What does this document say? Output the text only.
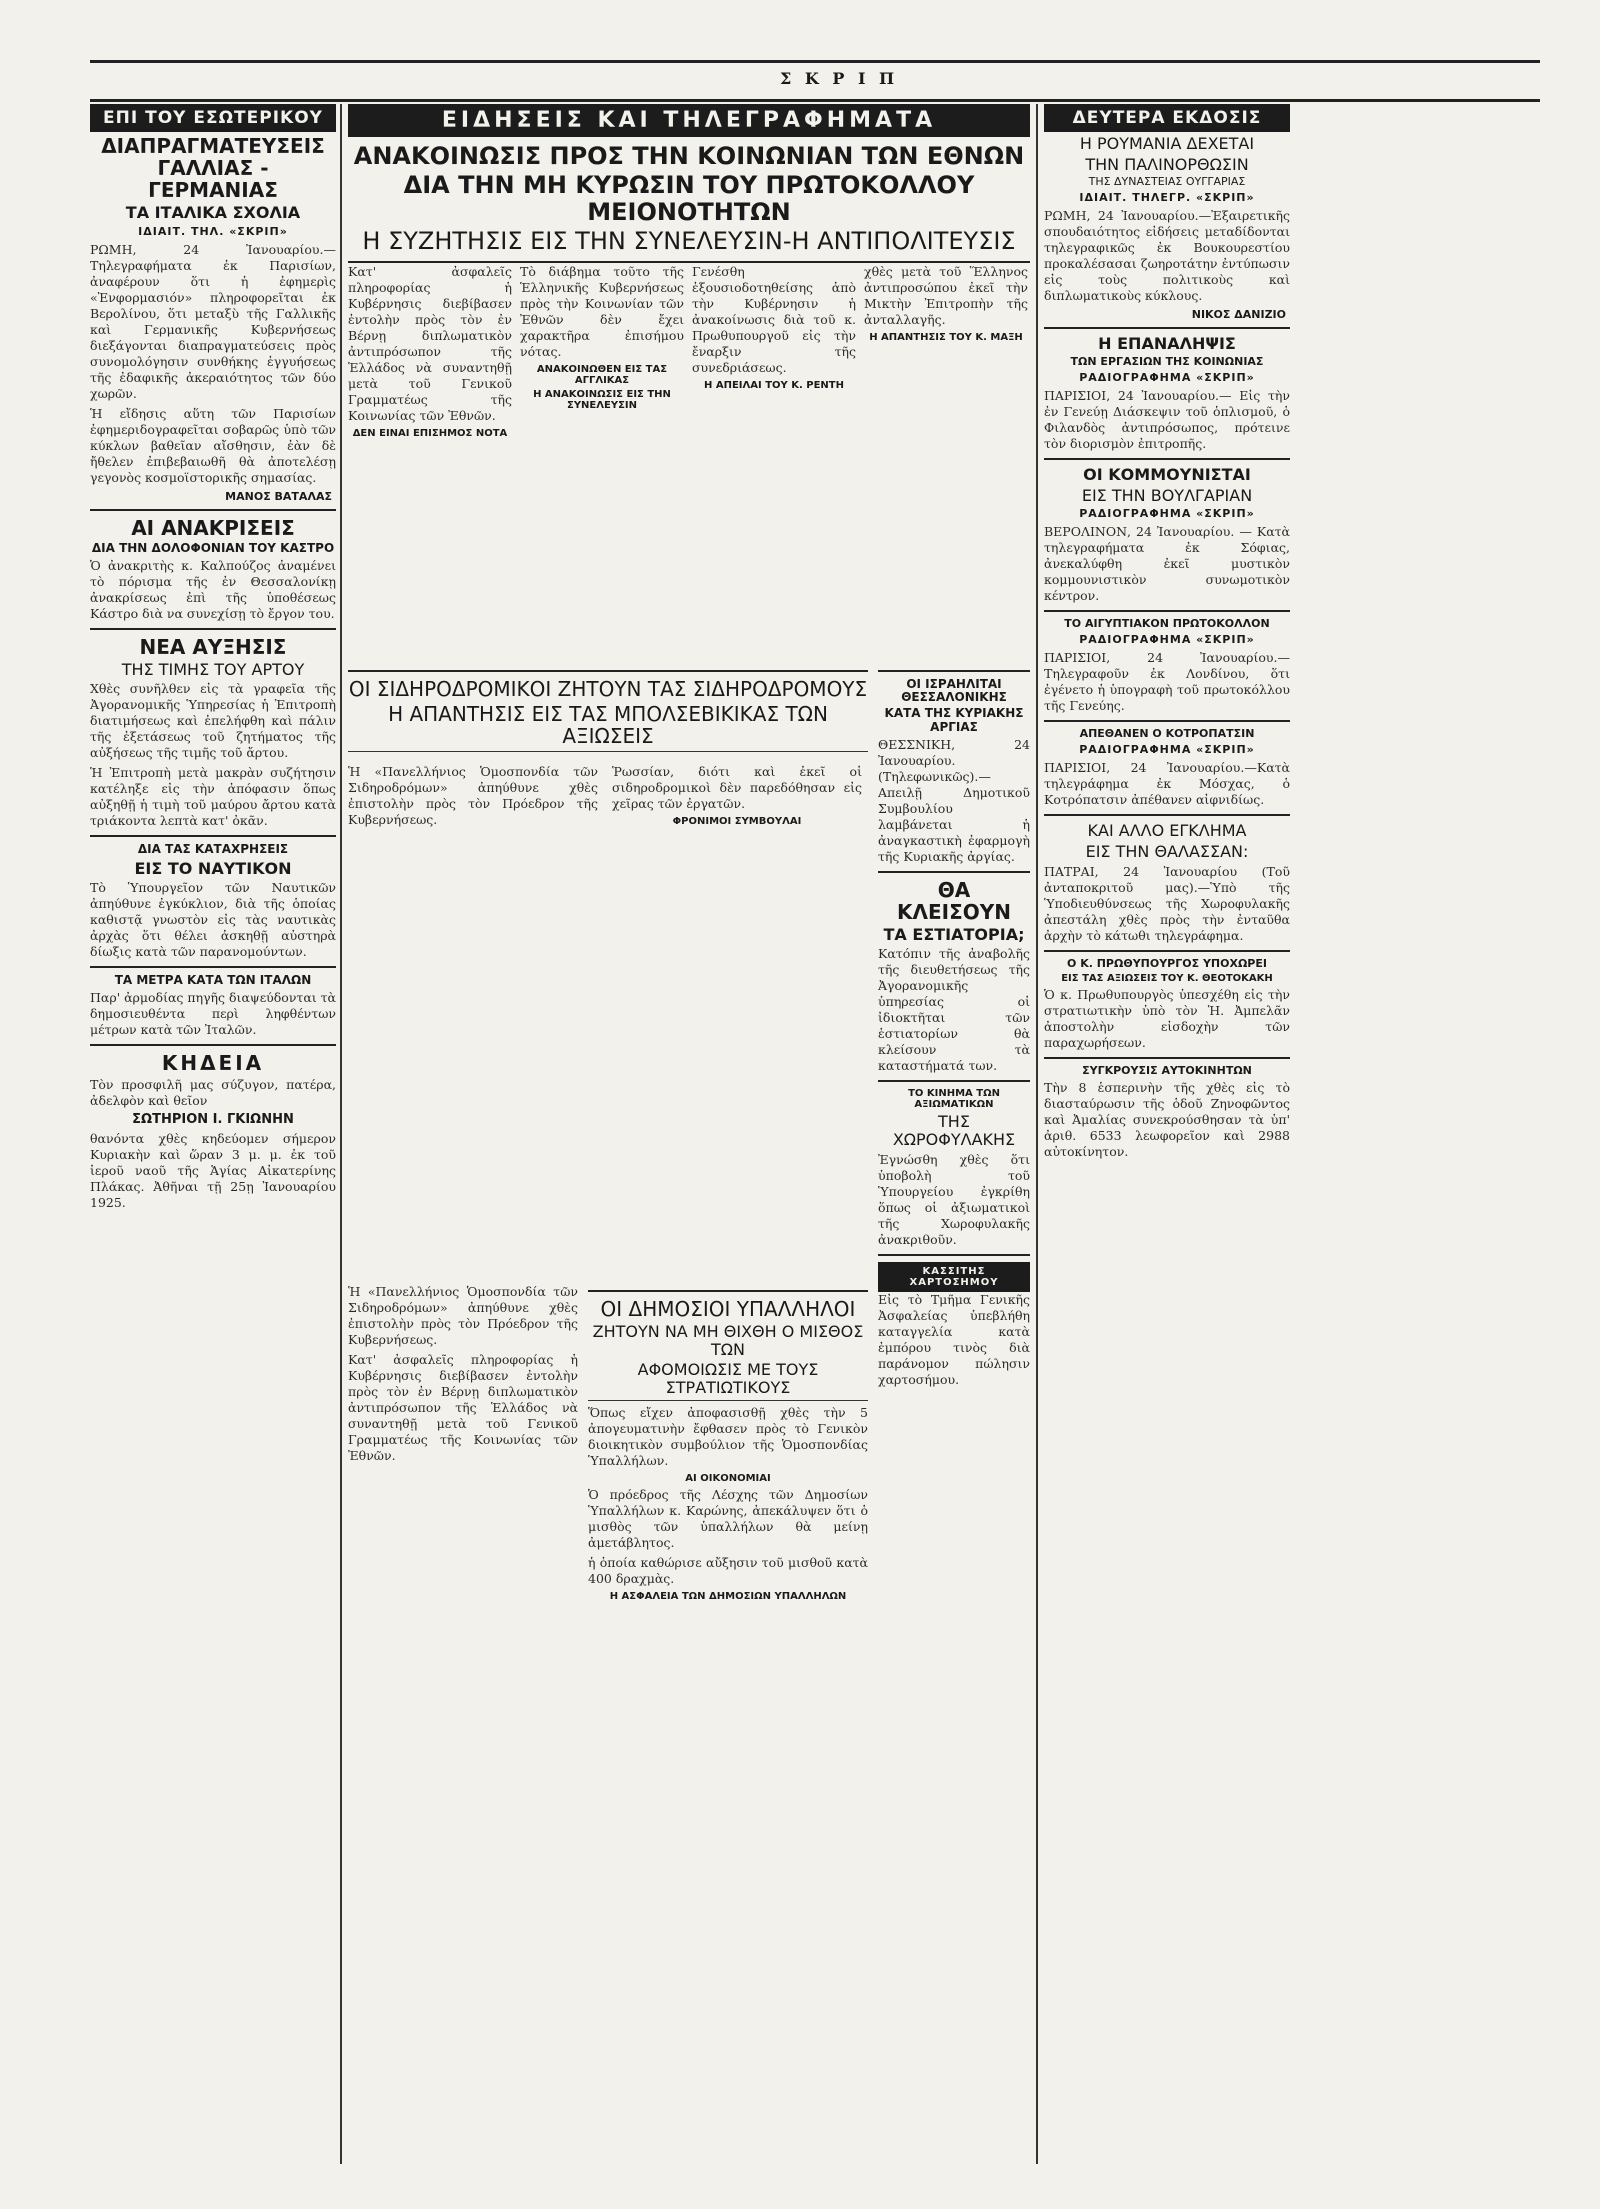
Σ Κ Ρ Ι Π
ΕΠΙ ΤΟΥ ΕΣΩΤΕΡΙΚΟΥ
ΔΙΑΠΡΑΓΜΑΤΕΥΣΕΙΣ ΓΑΛΛΙΑΣ - ΓΕΡΜΑΝΙΑΣ
ΤΑ ΙΤΑΛΙΚΑ ΣΧΟΛΙΑ
ΙΔΙΑΙΤ. ΤΗΛ. «ΣΚΡΙΠ»

ΡΩΜΗ, 24 Ἰανουαρίου.—Τηλεγραφήματα ἐκ Παρισίων, ἀναφέρουν ὅτι ἡ ἐφημερὶς «Ἐνφορμασιόν» πληροφορεῖται ἐκ Βερολίνου, ὅτι μεταξὺ τῆς Γαλλικῆς καὶ Γερμανικῆς Κυβερνήσεως διεξάγονται διαπραγματεύσεις πρὸς συνομολόγησιν συνθήκης ἐγγυήσεως τῆς ἐδαφικῆς ἀκεραιότητος τῶν δύο χωρῶν.

Ἡ εἴδησις αὕτη τῶν Παρισίων ἐφημεριδογραφεῖται σοβαρῶς ὑπὸ τῶν κύκλων βαθεῖαν αἴσθησιν, ἐὰν δὲ ἤθελεν ἐπιβεβαιωθῆ θὰ ἀποτελέσῃ γεγονὸς κοσμοϊστορικῆς σημασίας.

ΜΑΝΟΣ ΒΑΤΑΛΑΣ
ΑΙ ΑΝΑΚΡΙΣΕΙΣ
ΔΙΑ ΤΗΝ ΔΟΛΟΦΟΝΙΑΝ ΤΟΥ ΚΑΣΤΡΟ

Ὁ ἀνακριτὴς κ. Καλπούζος ἀναμένει τὸ πόρισμα τῆς ἐν Θεσσαλονίκῃ ἀνακρίσεως ἐπὶ τῆς ὑποθέσεως Κάστρο διὰ να συνεχίσῃ τὸ ἔργον του.

ΝΕΑ ΑΥΞΗΣΙΣ
ΤΗΣ ΤΙΜΗΣ ΤΟΥ ΑΡΤΟΥ

Χθὲς συνῆλθεν εἰς τὰ γραφεῖα τῆς Ἀγορανομικῆς Ὑπηρεσίας ἡ Ἐπιτροπὴ διατιμήσεως καὶ ἐπελήφθη καὶ πάλιν τῆς ἐξετάσεως τοῦ ζητήματος τῆς αὐξήσεως τῆς τιμῆς τοῦ ἄρτου.

Ἡ Ἐπιτροπὴ μετὰ μακρὰν συζήτησιν κατέληξε εἰς τὴν ἀπόφασιν ὅπως αὐξηθῇ ἡ τιμὴ τοῦ μαύρου ἄρτου κατὰ τριάκοντα λεπτὰ κατ' ὀκᾶν.

ΔΙΑ ΤΑΣ ΚΑΤΑΧΡΗΣΕΙΣ
ΕΙΣ ΤΟ ΝΑΥΤΙΚΟΝ

Τὸ Ὑπουργεῖον τῶν Ναυτικῶν ἀπηύθυνε ἐγκύκλιον, διὰ τῆς ὁποίας καθιστᾷ γνωστὸν εἰς τὰς ναυτικὰς ἀρχὰς ὅτι θέλει ἀσκηθῇ αὐστηρὰ δίωξις κατὰ τῶν παρανομούντων.

ΤΑ ΜΕΤΡΑ ΚΑΤΑ ΤΩΝ ΙΤΑΛΩΝ

Παρ' ἀρμοδίας πηγῆς διαψεύδονται τὰ δημοσιευθέντα περὶ ληφθέντων μέτρων κατὰ τῶν Ἰταλῶν.

ΚΗΔΕΙΑ

Τὸν προσφιλῆ μας σύζυγον, πατέρα, ἀδελφὸν καὶ θεῖον

ΣΩΤΗΡΙΟΝ Ι. ΓΚΙΩΝΗΝ

θανόντα χθὲς κηδεύομεν σήμερον Κυριακὴν καὶ ὥραν 3 μ. μ. ἐκ τοῦ ἱεροῦ ναοῦ τῆς Ἁγίας Αἰκατερίνης Πλάκας. Ἀθῆναι τῇ 25ῃ Ἰανουαρίου 1925.

ΕΙΔΗΣΕΙΣ ΚΑΙ ΤΗΛΕΓΡΑΦΗΜΑΤΑ
ΑΝΑΚΟΙΝΩΣΙΣ ΠΡΟΣ ΤΗΝ ΚΟΙΝΩΝΙΑΝ ΤΩΝ ΕΘΝΩΝ
ΔΙΑ ΤΗΝ ΜΗ ΚΥΡΩΣΙΝ ΤΟΥ ΠΡΩΤΟΚΟΛΛΟΥ ΜΕΙΟΝΟΤΗΤΩΝ
Η ΣΥΖΗΤΗΣΙΣ ΕΙΣ ΤΗΝ ΣΥΝΕΛΕΥΣΙΝ-Η ΑΝΤΙΠΟΛΙΤΕΥΣΙΣ

Κατ' ἀσφαλεῖς πληροφορίας ἡ Κυβέρνησις διεβίβασεν ἐντολὴν πρὸς τὸν ἐν Βέρνῃ διπλωματικὸν ἀντιπρόσωπον τῆς Ἑλλάδος νὰ συναντηθῇ μετὰ τοῦ Γενικοῦ Γραμματέως τῆς Κοινωνίας τῶν Ἐθνῶν.

ΔΕΝ ΕΙΝΑΙ ΕΠΙΣΗΜΟΣ ΝΟΤΑ

Τὸ διάβημα τοῦτο τῆς Ἑλληνικῆς Κυβερνήσεως πρὸς τὴν Κοινωνίαν τῶν Ἐθνῶν δὲν ἔχει χαρακτῆρα ἐπισήμου νότας.

ΑΝΑΚΟΙΝΩΘΕΝ ΕΙΣ ΤΑΣ ΑΓΓΛΙΚΑΣ
Η ΑΝΑΚΟΙΝΩΣΙΣ ΕΙΣ ΤΗΝ ΣΥΝΕΛΕΥΣΙΝ

Γενέσθη ἐξουσιοδοτηθείσης ἀπὸ τὴν Κυβέρνησιν ἡ ἀνακοίνωσις διὰ τοῦ κ. Πρωθυπουργοῦ εἰς τὴν ἔναρξιν τῆς συνεδριάσεως.

Η ΑΠΕΙΛΑΙ ΤΟΥ Κ. ΡΕΝΤΗ

χθὲς μετὰ τοῦ Ἕλληνος ἀντιπροσώπου ἐκεῖ τὴν Μικτὴν Ἐπιτροπὴν τῆς ἀνταλλαγῆς.

Η ΑΠΑΝΤΗΣΙΣ ΤΟΥ Κ. ΜΑΞΗ
ΟΙ ΣΙΔΗΡΟΔΡΟΜΙΚΟΙ ΖΗΤΟΥΝ ΤΑΣ ΣΙΔΗΡΟΔΡΟΜΟΥΣ
Η ΑΠΑΝΤΗΣΙΣ ΕΙΣ ΤΑΣ ΜΠΟΛΣΕΒΙΚΙΚΑΣ ΤΩΝ ΑΞΙΩΣΕΙΣ

Ἡ «Πανελλήνιος Ὁμοσπονδία τῶν Σιδηροδρόμων» ἀπηύθυνε χθὲς ἐπιστολὴν πρὸς τὸν Πρόεδρον τῆς Κυβερνήσεως.

Ῥωσσίαν, διότι καὶ ἐκεῖ οἱ σιδηροδρομικοὶ δὲν παρεδόθησαν εἰς χεῖρας τῶν ἐργατῶν.

ΦΡΟΝΙΜΟΙ ΣΥΜΒΟΥΛΑΙ
ΟΙ ΔΗΜΟΣΙΟΙ ΥΠΑΛΛΗΛΟΙ
ΖΗΤΟΥΝ ΝΑ ΜΗ ΘΙΧΘΗ Ο ΜΙΣΘΟΣ ΤΩΝ
ΑΦΟΜΟΙΩΣΙΣ ΜΕ ΤΟΥΣ ΣΤΡΑΤΙΩΤΙΚΟΥΣ

Ὅπως εἴχεν ἀποφασισθῇ χθὲς τὴν 5 ἀπογευματινὴν ἔφθασεν πρὸς τὸ Γενικὸν διοικητικὸν συμβούλιον τῆς Ὁμοσπονδίας Ὑπαλλήλων.

ΑΙ ΟΙΚΟΝΟΜΙΑΙ

Ὁ πρόεδρος τῆς Λέσχης τῶν Δημοσίων Ὑπαλλήλων κ. Καρώνης, ἀπεκάλυψεν ὅτι ὁ μισθὸς τῶν ὑπαλλήλων θὰ μείνῃ ἀμετάβλητος.

ἡ ὁποία καθώρισε αὔξησιν τοῦ μισθοῦ κατὰ 400 δραχμὰς.

Η ΑΣΦΑΛΕΙΑ ΤΩΝ ΔΗΜΟΣΙΩΝ ΥΠΑΛΛΗΛΩΝ
ΟΙ ΙΣΡΑΗΛΙΤΑΙ ΘΕΣΣΑΛΟΝΙΚΗΣ
ΚΑΤΑ ΤΗΣ ΚΥΡΙΑΚΗΣ ΑΡΓΙΑΣ

ΘΕΣΣΝΙΚΗ, 24 Ἰανουαρίου. (Τηλεφωνικῶς).—Απειλῇ Δημοτικοῦ Συμβουλίου λαμβάνεται ἡ ἀναγκαστικὴ ἐφαρμογὴ τῆς Κυριακῆς ἀργίας.

ΘΑ ΚΛΕΙΣΟΥΝ
ΤΑ ΕΣΤΙΑΤΟΡΙΑ;

Κατόπιν τῆς ἀναβολῆς τῆς διευθετήσεως τῆς Ἀγορανομικῆς ὑπηρεσίας οἱ ἰδιοκτῆται τῶν ἑστιατορίων θὰ κλείσουν τὰ καταστήματά των.

ΤΟ ΚΙΝΗΜΑ ΤΩΝ ΑΞΙΩΜΑΤΙΚΩΝ
ΤΗΣ ΧΩΡΟΦΥΛΑΚΗΣ

Ἐγνώσθη χθὲς ὅτι ὑποβολὴ τοῦ Ὑπουργείου ἐγκρίθη ὅπως οἱ ἀξιωματικοὶ τῆς Χωροφυλακῆς ἀνακριθοῦν.

ΚΑΣΣΙΤΗΣ ΧΑΡΤΟΣΗΜΟΥ

Εἰς τὸ Τμῆμα Γενικῆς Ἀσφαλείας ὑπεβλήθη καταγγελία κατὰ ἐμπόρου τινὸς διὰ παράνομον πώλησιν χαρτοσήμου.

Ἡ «Πανελλήνιος Ὁμοσπονδία τῶν Σιδηροδρόμων» ἀπηύθυνε χθὲς ἐπιστολὴν πρὸς τὸν Πρόεδρον τῆς Κυβερνήσεως.

Κατ' ἀσφαλεῖς πληροφορίας ἡ Κυβέρνησις διεβίβασεν ἐντολὴν πρὸς τὸν ἐν Βέρνῃ διπλωματικὸν ἀντιπρόσωπον τῆς Ἑλλάδος νὰ συναντηθῇ μετὰ τοῦ Γενικοῦ Γραμματέως τῆς Κοινωνίας τῶν Ἐθνῶν.

ΔΕΥΤΕΡΑ ΕΚΔΟΣΙΣ
Η ΡΟΥΜΑΝΙΑ ΔΕΧΕΤΑΙ
ΤΗΝ ΠΑΛΙΝΟΡΘΩΣΙΝ
ΤΗΣ ΔΥΝΑΣΤΕΙΑΣ ΟΥΓΓΑΡΙΑΣ
ΙΔΙΑΙΤ. ΤΗΛΕΓΡ. «ΣΚΡΙΠ»

ΡΩΜΗ, 24 Ἰανουαρίου.—Ἐξαιρετικῆς σπουδαιότητος εἰδήσεις μεταδίδονται τηλεγραφικῶς ἐκ Βουκουρεστίου προκαλέσασαι ζωηροτάτην ἐντύπωσιν εἰς τοὺς πολιτικοὺς καὶ διπλωματικοὺς κύκλους.

ΝΙΚΟΣ ΔΑΝΙΖΙΟ
Η ΕΠΑΝΑΛΗΨΙΣ
ΤΩΝ ΕΡΓΑΣΙΩΝ ΤΗΣ ΚΟΙΝΩΝΙΑΣ
ΡΑΔΙΟΓΡΑΦΗΜΑ «ΣΚΡΙΠ»

ΠΑΡΙΣΙΟΙ, 24 Ἰανουαρίου.— Εἰς τὴν ἐν Γενεύῃ Διάσκεψιν τοῦ ὁπλισμοῦ, ὁ Φιλανδὸς ἀντιπρόσωπος, πρότεινε τὸν διορισμὸν ἐπιτροπῆς.

ΟΙ ΚΟΜΜΟΥΝΙΣΤΑΙ
ΕΙΣ ΤΗΝ ΒΟΥΛΓΑΡΙΑΝ
ΡΑΔΙΟΓΡΑΦΗΜΑ «ΣΚΡΙΠ»

ΒΕΡΟΛΙΝΟΝ, 24 Ἰανουαρίου. — Κατὰ τηλεγραφήματα ἐκ Σόφιας, ἀνεκαλύφθη ἐκεῖ μυστικὸν κομμουνιστικὸν συνωμοτικὸν κέντρον.

ΤΟ ΑΙΓΥΠΤΙΑΚΟΝ ΠΡΩΤΟΚΟΛΛΟΝ
ΡΑΔΙΟΓΡΑΦΗΜΑ «ΣΚΡΙΠ»

ΠΑΡΙΣΙΟΙ, 24 Ἰανουαρίου.—Τηλεγραφοῦν ἐκ Λονδίνου, ὅτι ἐγένετο ἡ ὑπογραφὴ τοῦ πρωτοκόλλου τῆς Γενεύης.

ΑΠΕΘΑΝΕΝ Ο ΚΟΤΡΟΠΑΤΣΙΝ
ΡΑΔΙΟΓΡΑΦΗΜΑ «ΣΚΡΙΠ»

ΠΑΡΙΣΙΟΙ, 24 Ἰανουαρίου.—Κατὰ τηλεγράφημα ἐκ Μόσχας, ὁ Κοτρόπατσιν ἀπέθανεν αἰφνιδίως.

ΚΑΙ ΑΛΛΟ ΕΓΚΛΗΜΑ
ΕΙΣ ΤΗΝ ΘΑΛΑΣΣΑΝ:

ΠΑΤΡΑΙ, 24 Ἰανουαρίου (Τοῦ ἀνταποκριτοῦ μας).—Ὑπὸ τῆς Ὑποδιευθύνσεως τῆς Χωροφυλακῆς ἀπεστάλη χθὲς πρὸς τὴν ἐνταῦθα ἀρχὴν τὸ κάτωθι τηλεγράφημα.

Ο Κ. ΠΡΩΘΥΠΟΥΡΓΟΣ ΥΠΟΧΩΡΕΙ
ΕΙΣ ΤΑΣ ΑΞΙΩΣΕΙΣ ΤΟΥ Κ. ΘΕΟΤΟΚΑΚΗ

Ὁ κ. Πρωθυπουργὸς ὑπεσχέθη εἰς τὴν στρατιωτικὴν ὑπὸ τὸν Ἡ. Ἀμπελᾶν ἀποστολὴν εἰσδοχὴν τῶν παραχωρήσεων.

ΣΥΓΚΡΟΥΣΙΣ ΑΥΤΟΚΙΝΗΤΩΝ

Τὴν 8 ἑσπερινὴν τῆς χθὲς εἰς τὸ διασταύρωσιν τῆς ὁδοῦ Ζηνοφῶντος καὶ Ἀμαλίας συνεκρούσθησαν τὰ ὑπ' ἀριθ. 6533 λεωφορεῖον καὶ 2988 αὐτοκίνητον.
